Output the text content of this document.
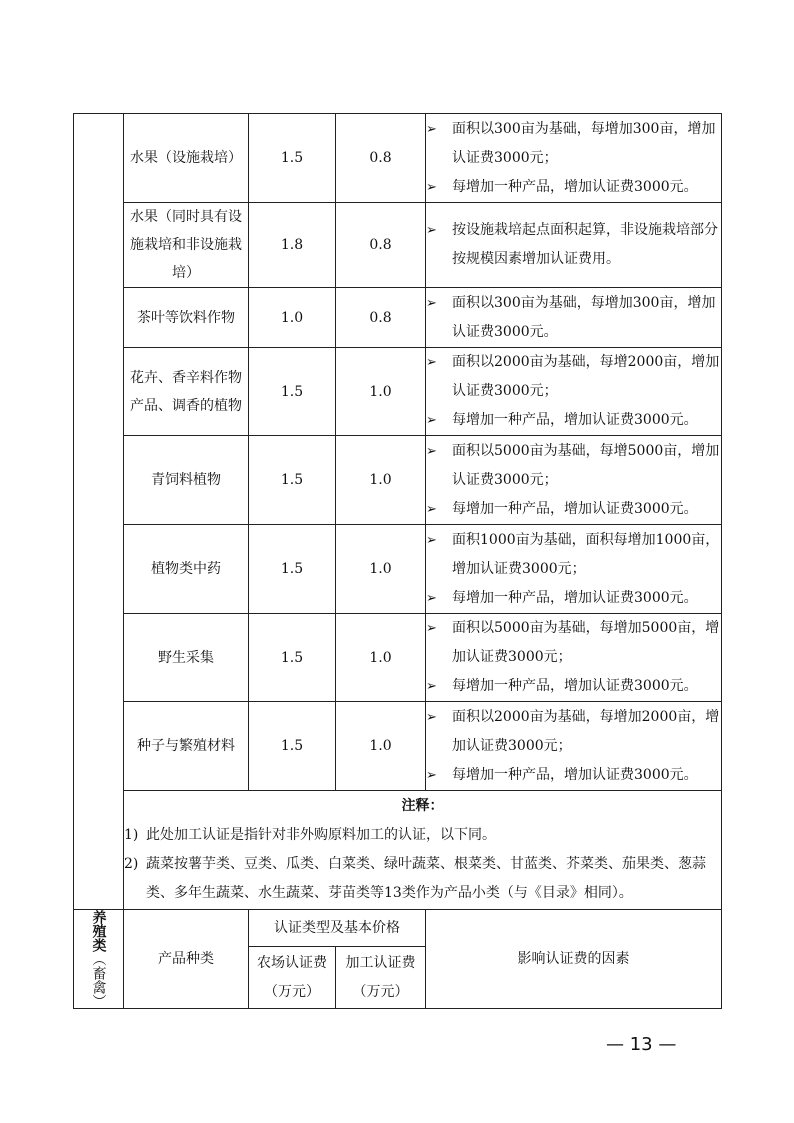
	水果（设施栽培）	1.5	0.8	➢ 面积以300亩为基础，每增加300亩，增加认证费3000元；
➢ 每增加一种产品，增加认证费3000元。

	水果（同时具有设施栽培和非设施栽培）	1.8	0.8	➢ 按设施栽培起点面积起算，非设施栽培部分按规模因素增加认证费用。

	茶叶等饮料作物	1.0	0.8	➢ 面积以300亩为基础，每增加300亩，增加认证费3000元。

	花卉、香辛料作物产品、调香的植物	1.5	1.0	➢ 面积以2000亩为基础，每增2000亩，增加认证费3000元；
➢ 每增加一种产品，增加认证费3000元。

	青饲料植物	1.5	1.0	➢ 面积以5000亩为基础，每增5000亩，增加认证费3000元；
➢ 每增加一种产品，增加认证费3000元。

	植物类中药	1.5	1.0	➢ 面积1000亩为基础，面积每增加1000亩，增加认证费3000元；
➢ 每增加一种产品，增加认证费3000元。

	野生采集	1.5	1.0	➢ 面积以5000亩为基础，每增加5000亩，增加认证费3000元；
➢ 每增加一种产品，增加认证费3000元。

	种子与繁殖材料	1.5	1.0	➢ 面积以2000亩为基础，每增加2000亩，增加认证费3000元；
➢ 每增加一种产品，增加认证费3000元。

	注释：
1) 此处加工认证是指针对非外购原料加工的认证，以下同。
2) 蔬菜按薯芋类、豆类、瓜类、白菜类、绿叶蔬菜、根菜类、甘蓝类、芥菜类、茄果类、葱蒜类、多年生蔬菜、水生蔬菜、芽苗类等13类作为产品小类（与《目录》相同）。			

养殖类（畜禽）	产品种类	认证类型及基本价格		影响认证费的因素
		农场认证费（万元）	加工认证费（万元）	
— 13 —
